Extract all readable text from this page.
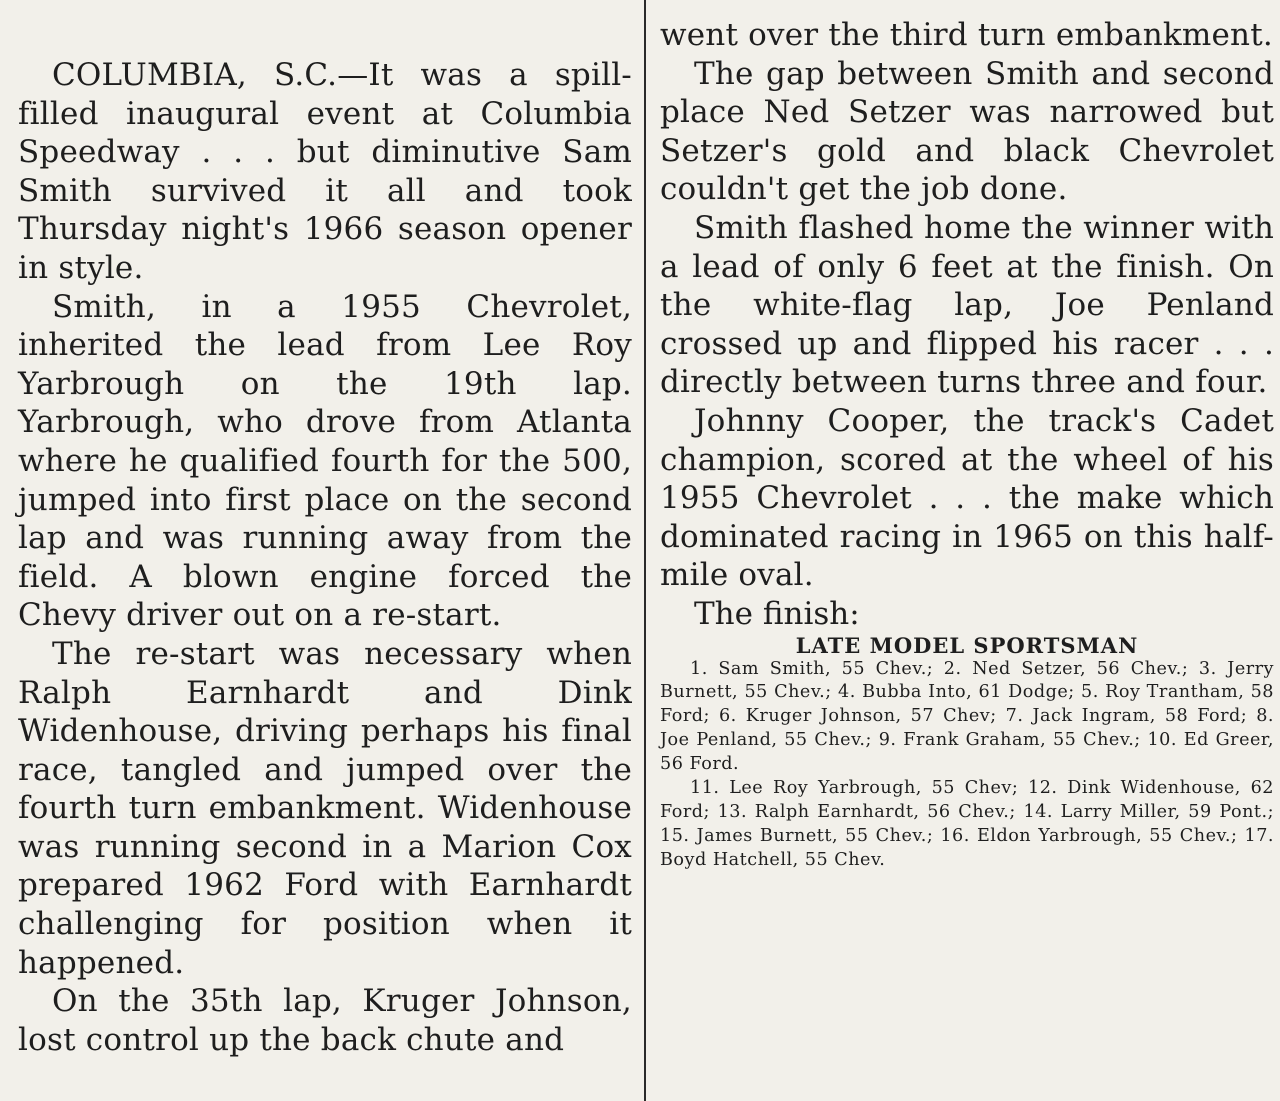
COLUMBIA, S.C.—It was a spill-filled inaugural event at Columbia Speedway . . . but diminutive Sam Smith survived it all and took Thursday night's 1966 season opener in style.

Smith, in a 1955 Chevrolet, inherited the lead from Lee Roy Yarbrough on the 19th lap. Yarbrough, who drove from Atlanta where he qualified fourth for the 500, jumped into first place on the second lap and was running away from the field. A blown engine forced the Chevy driver out on a re-start.

The re-start was necessary when Ralph Earnhardt and Dink Widenhouse, driving perhaps his final race, tangled and jumped over the fourth turn embankment. Widenhouse was running second in a Marion Cox prepared 1962 Ford with Earnhardt challenging for position when it happened.

On the 35th lap, Kruger Johnson, lost control up the back chute and

went over the third turn embankment.

The gap between Smith and second place Ned Setzer was narrowed but Setzer's gold and black Chevrolet couldn't get the job done.

Smith flashed home the winner with a lead of only 6 feet at the finish. On the white-flag lap, Joe Penland crossed up and flipped his racer . . . directly between turns three and four.

Johnny Cooper, the track's Cadet champion, scored at the wheel of his 1955 Chevrolet . . . the make which dominated racing in 1965 on this half-mile oval.

The finish:

LATE MODEL SPORTSMAN

1. Sam Smith, 55 Chev.; 2. Ned Setzer, 56 Chev.; 3. Jerry Burnett, 55 Chev.; 4. Bubba Into, 61 Dodge; 5. Roy Trantham, 58 Ford; 6. Kruger Johnson, 57 Chev; 7. Jack Ingram, 58 Ford; 8. Joe Penland, 55 Chev.; 9. Frank Graham, 55 Chev.; 10. Ed Greer, 56 Ford.

11. Lee Roy Yarbrough, 55 Chev; 12. Dink Widenhouse, 62 Ford; 13. Ralph Earnhardt, 56 Chev.; 14. Larry Miller, 59 Pont.; 15. James Burnett, 55 Chev.; 16. Eldon Yarbrough, 55 Chev.; 17. Boyd Hatchell, 55 Chev.
